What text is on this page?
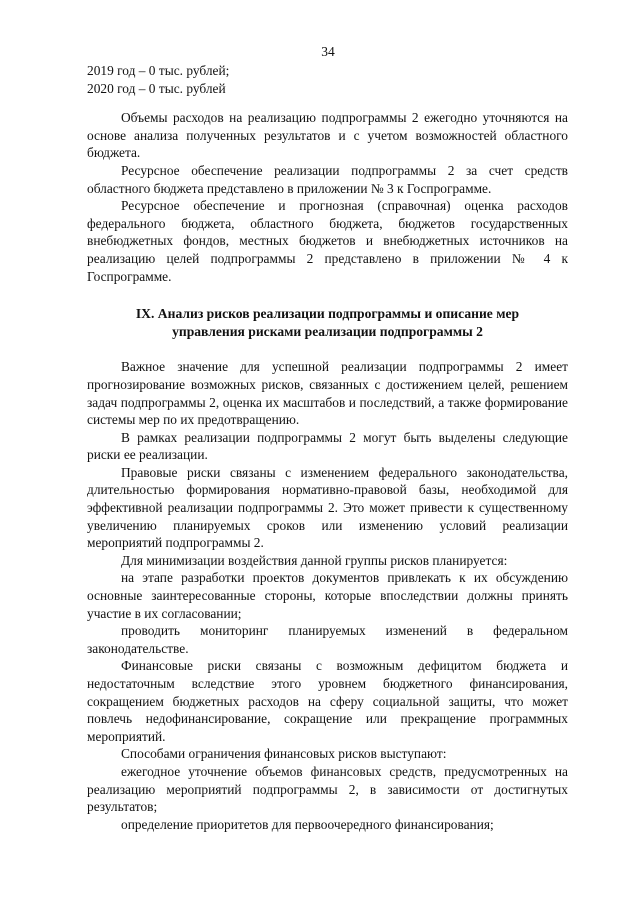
34
2019 год – 0 тыс. рублей;
2020 год – 0 тыс. рублей

Объемы расходов на реализацию подпрограммы 2 ежегодно уточняются на основе анализа полученных результатов и с учетом возможностей областного бюджета.

Ресурсное обеспечение реализации подпрограммы 2 за счет средств областного бюджета представлено в приложении № 3 к Госпрограмме.

Ресурсное обеспечение и прогнозная (справочная) оценка расходов федерального бюджета, областного бюджета, бюджетов государственных внебюджетных фондов, местных бюджетов и внебюджетных источников на реализацию целей подпрограммы 2 представлено в приложении № 4 к Госпрограмме.

IX. Анализ рисков реализации подпрограммы и описание мер
управления рисками реализации подпрограммы 2

Важное значение для успешной реализации подпрограммы 2 имеет прогнозирование возможных рисков, связанных с достижением целей, решением задач подпрограммы 2, оценка их масштабов и последствий, а также формирование системы мер по их предотвращению.

В рамках реализации подпрограммы 2 могут быть выделены следующие риски ее реализации.

Правовые риски связаны с изменением федерального законодательства, длительностью формирования нормативно-правовой базы, необходимой для эффективной реализации подпрограммы 2. Это может привести к существенному увеличению планируемых сроков или изменению условий реализации мероприятий подпрограммы 2.

Для минимизации воздействия данной группы рисков планируется:

на этапе разработки проектов документов привлекать к их обсуждению основные заинтересованные стороны, которые впоследствии должны принять участие в их согласовании;

проводить мониторинг планируемых изменений в федеральном законодательстве.

Финансовые риски связаны с возможным дефицитом бюджета и недостаточным вследствие этого уровнем бюджетного финансирования, сокращением бюджетных расходов на сферу социальной защиты, что может повлечь недофинансирование, сокращение или прекращение программных мероприятий.

Способами ограничения финансовых рисков выступают:

ежегодное уточнение объемов финансовых средств, предусмотренных на реализацию мероприятий подпрограммы 2, в зависимости от достигнутых результатов;

определение приоритетов для первоочередного финансирования;
